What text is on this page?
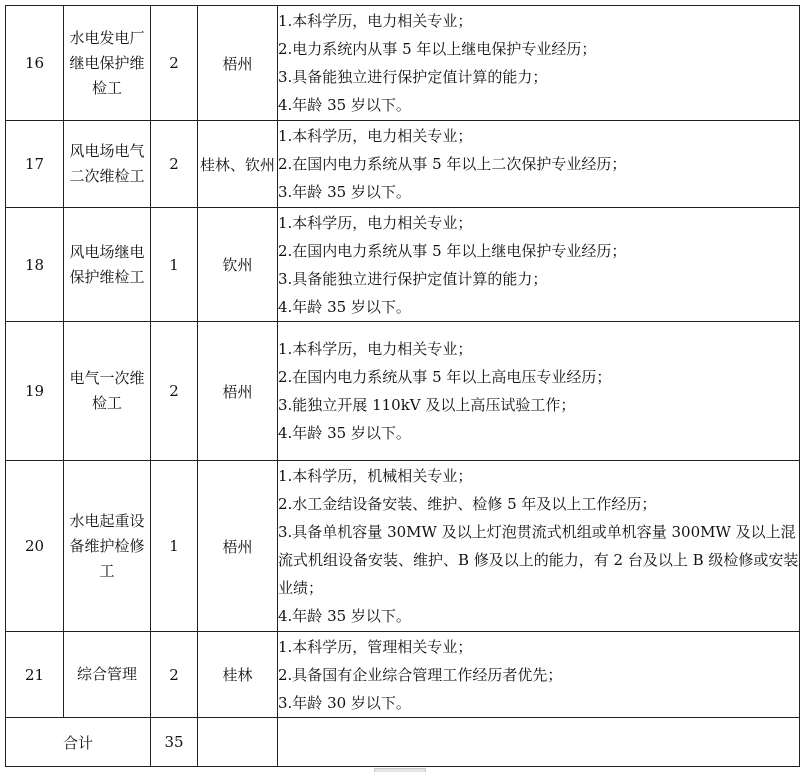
16	水电发电厂继电保护维检工	2	梧州	1.本科学历，电力相关专业；
2.电力系统内从事 5 年以上继电保护专业经历；
3.具备能独立进行保护定值计算的能力；
4.年龄 35 岁以下。

17	风电场电气二次维检工	2	桂林、钦州	1.本科学历，电力相关专业；
2.在国内电力系统从事 5 年以上二次保护专业经历；
3.年龄 35 岁以下。

18	风电场继电保护维检工	1	钦州	1.本科学历，电力相关专业；
2.在国内电力系统从事 5 年以上继电保护专业经历；
3.具备能独立进行保护定值计算的能力；
4.年龄 35 岁以下。

19	电气一次维检工	2	梧州	1.本科学历，电力相关专业；
2.在国内电力系统从事 5 年以上高电压专业经历；
3.能独立开展 110kV 及以上高压试验工作；
4.年龄 35 岁以下。

20	水电起重设备维护检修工	1	梧州	1.本科学历，机械相关专业；
2.水工金结设备安装、维护、检修 5 年及以上工作经历；
3.具备单机容量 30MW 及以上灯泡贯流式机组或单机容量 300MW 及以上混流式机组设备安装、维护、B 修及以上的能力，有 2 台及以上 B 级检修或安装业绩；
4.年龄 35 岁以下。

21	综合管理	2	桂林	1.本科学历，管理相关专业；
2.具备国有企业综合管理工作经历者优先；
3.年龄 30 岁以下。

合计		35		
